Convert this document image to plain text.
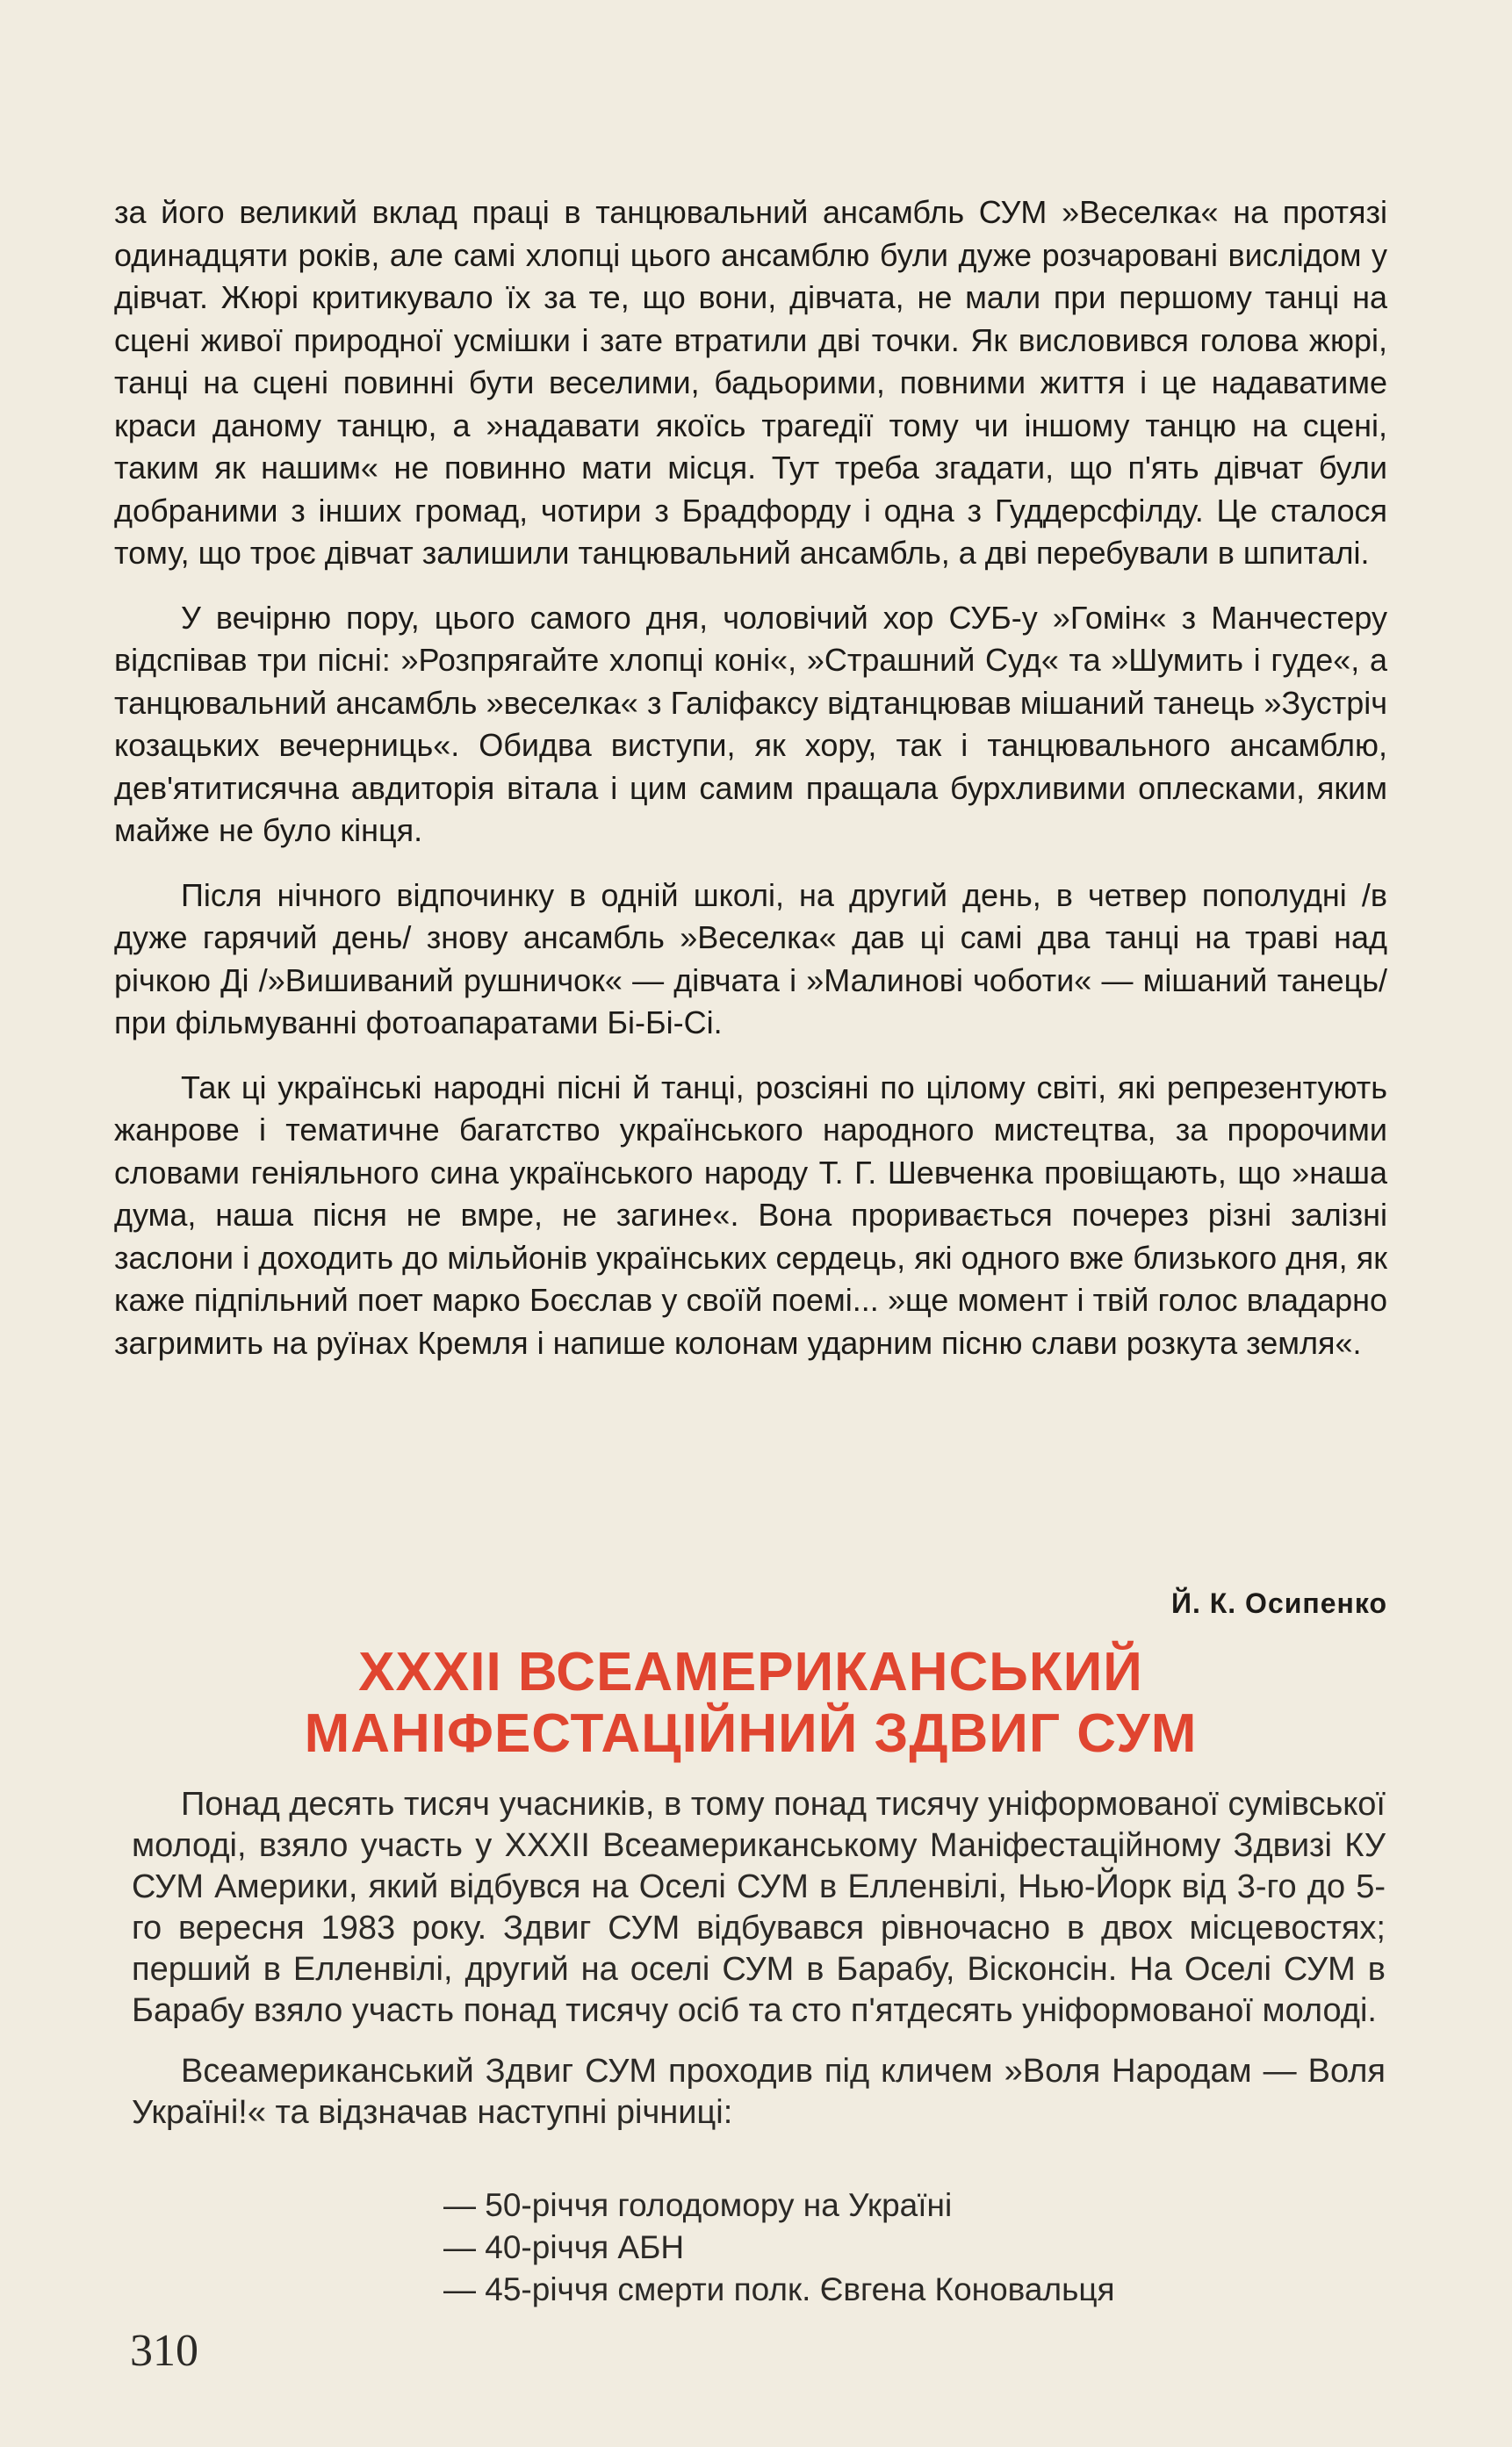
за його великий вклад праці в танцювальний ансамбль СУМ »Веселка« на протязі одинадцяти років, але самі хлопці цього ансамблю були дуже розчаровані вислідом у дівчат. Жюрі критикувало їх за те, що вони, дівчата, не мали при першому танці на сцені живої природної усмішки і зате втратили дві точки. Як висловився голова жюрі, танці на сцені повинні бути веселими, бадьорими, повними життя і це надаватиме краси даному танцю, а »надавати якоїсь трагедії тому чи іншому танцю на сцені, таким як нашим« не повинно мати місця. Тут треба згадати, що п'ять дівчат були добраними з інших громад, чотири з Брадфорду і одна з Гуддерсфілду. Це сталося тому, що троє дівчат залишили танцювальний ансамбль, а дві перебували в шпиталі.

У вечірню пору, цього самого дня, чоловічий хор СУБ-у »Гомін« з Манчестеру відспівав три пісні: »Розпрягайте хлопці коні«, »Страшний Суд« та »Шумить і гуде«, а танцювальний ансамбль »веселка« з Галіфаксу відтанцював мішаний танець »Зустріч козацьких вечерниць«. Обидва виступи, як хору, так і танцювального ансамблю, дев'ятитисячна авдиторія вітала і цим самим пращала бурхливими оплесками, яким майже не було кінця.

Після нічного відпочинку в одній школі, на другий день, в четвер пополудні /в дуже гарячий день/ знову ансамбль »Веселка« дав ці самі два танці на траві над річкою Ді /»Вишиваний рушничок« — дівчата і »Малинові чоботи« — мішаний танець/ при фільмуванні фотоапаратами Бі-Бі-Сі.

Так ці українські народні пісні й танці, розсіяні по цілому світі, які репрезентують жанрове і тематичне багатство українського народного мистецтва, за пророчими словами геніяльного сина українського народу Т. Г. Шевченка провіщають, що »наша дума, наша пісня не вмре, не загине«. Вона проривається почерез різні залізні заслони і доходить до мільйонів українських сердець, які одного вже близького дня, як каже підпільний поет марко Боєслав у своїй поемі... »ще момент і твій голос владарно загримить на руїнах Кремля і напише колонам ударним пісню слави розкута земля«.

Й. К. Осипенко
XXXII ВСЕАМЕРИКАНСЬКИЙ
МАНІФЕСТАЦІЙНИЙ ЗДВИГ СУМ

Понад десять тисяч учасників, в тому понад тисячу уніформованої сумівської молоді, взяло участь у XXXII Всеамериканському Маніфестаційному Здвизі КУ СУМ Америки, який відбувся на Оселі СУМ в Елленвілі, Нью-Йорк від 3-го до 5-го вересня 1983 року. Здвиг СУМ відбувався рівночасно в двох місцевостях; перший в Елленвілі, другий на оселі СУМ в Барабу, Вісконсін. На Оселі СУМ в Барабу взяло участь понад тисячу осіб та сто п'ятдесять уніформованої молоді.

Всеамериканський Здвиг СУМ проходив під кличем »Воля Народам — Воля Україні!« та відзначав наступні річниці:

— 50-річчя голодомору на Україні
— 40-річчя АБН
— 45-річчя смерти полк. Євгена Коновальця
310
